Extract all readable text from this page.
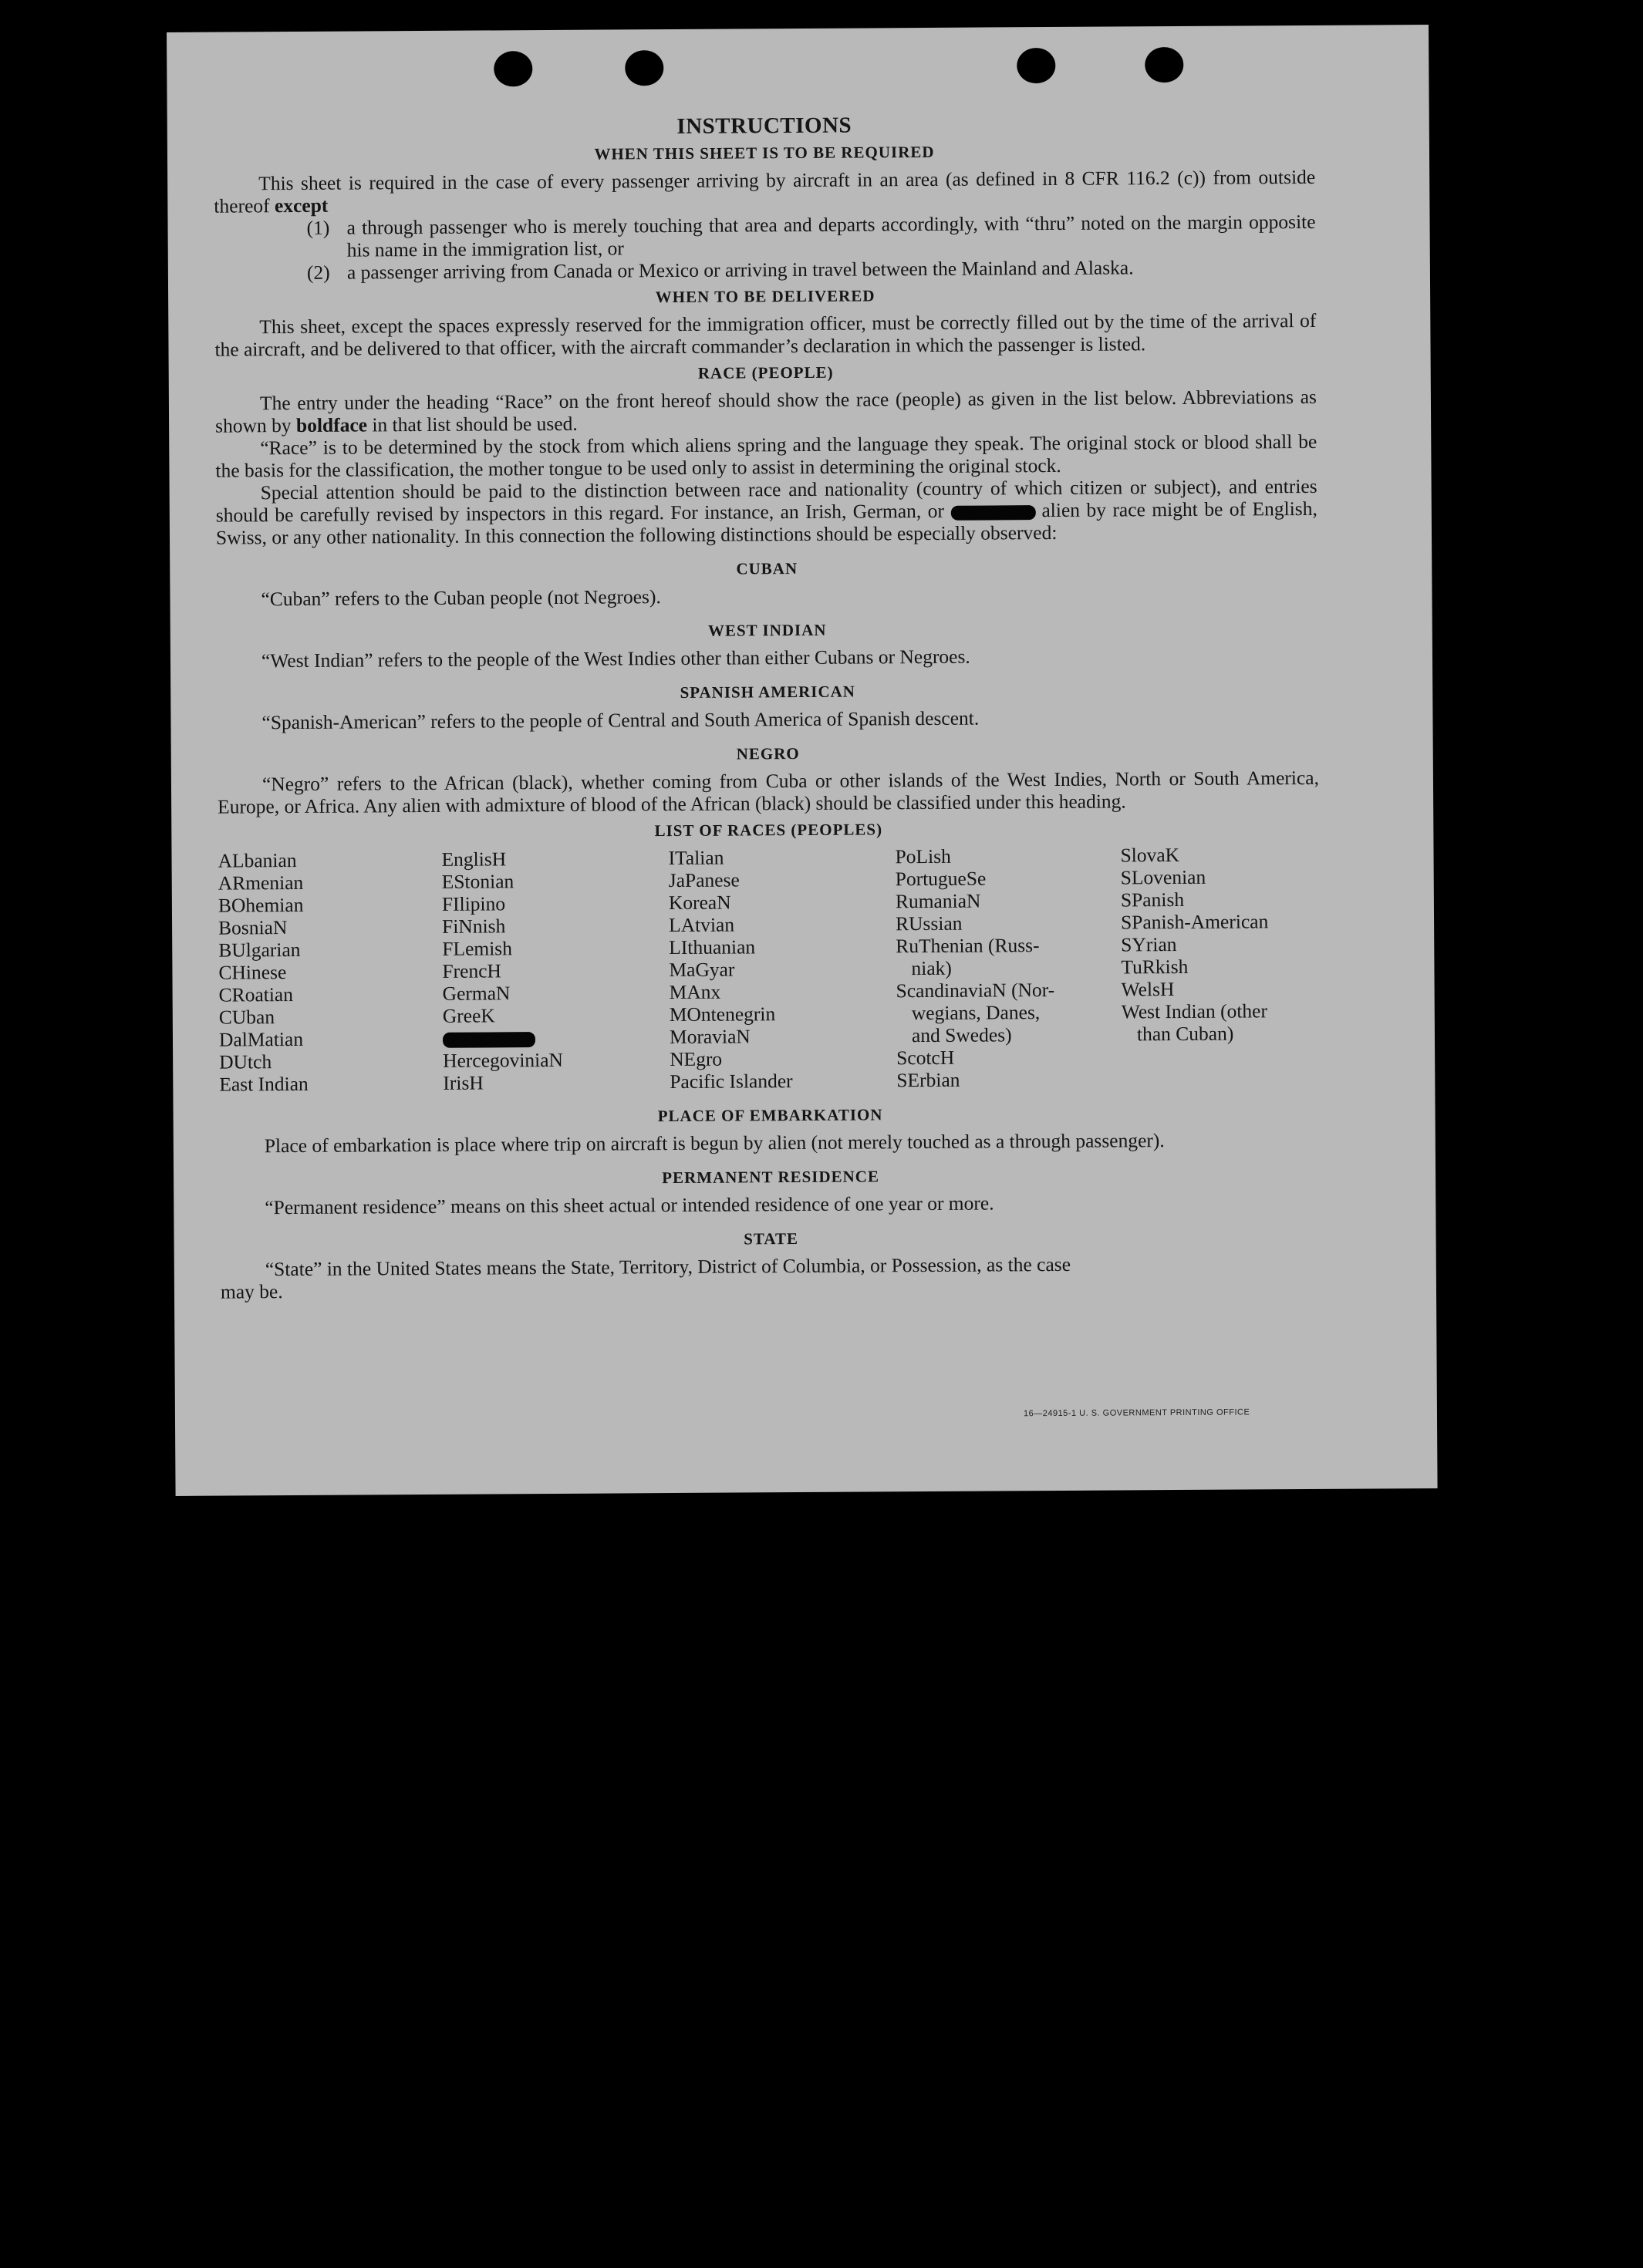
INSTRUCTIONS
WHEN THIS SHEET IS TO BE REQUIRED

This sheet is required in the case of every passenger arriving by aircraft in an area (as defined in 8 CFR 116.2 (c)) from outside thereof except

(1) a through passenger who is merely touching that area and departs accordingly, with “thru” noted on the margin opposite his name in the immigration list, or
(2) a passenger arriving from Canada or Mexico or arriving in travel between the Mainland and Alaska.
WHEN TO BE DELIVERED

This sheet, except the spaces expressly reserved for the immigration officer, must be correctly filled out by the time of the arrival of the aircraft, and be delivered to that officer, with the aircraft commander’s declaration in which the passenger is listed.

RACE (PEOPLE)

The entry under the heading “Race” on the front hereof should show the race (people) as given in the list below. Abbreviations as shown by boldface in that list should be used.

“Race” is to be determined by the stock from which aliens spring and the language they speak. The original stock or blood shall be the basis for the classification, the mother tongue to be used only to assist in determining the original stock.

Special attention should be paid to the distinction between race and nationality (country of which citizen or subject), and entries should be carefully revised by inspectors in this regard. For instance, an Irish, German, or	alien by race might be of English, Swiss, or any other nationality. In this connection the following distinctions should be especially observed:

CUBAN

“Cuban” refers to the Cuban people (not Negroes).

WEST INDIAN

“West Indian” refers to the people of the West Indies other than either Cubans or Negroes.

SPANISH AMERICAN

“Spanish-American” refers to the people of Central and South America of Spanish descent.

NEGRO

“Negro” refers to the African (black), whether coming from Cuba or other islands of the West Indies, North or South America, Europe, or Africa. Any alien with admixture of blood of the African (black) should be classified under this heading.

LIST OF RACES (PEOPLES)
ALbanian
ARmenian
BOhemian
BosniaN
BUlgarian
CHinese
CRoatian
CUban
DalMatian
DUtch
East Indian
EnglisH
EStonian
FIlipino
FiNnish
FLemish
FrencH
GermaN
GreeK
HercegoviniaN
IrisH
ITalian
JaPanese
KoreaN
LAtvian
LIthuanian
MaGyar
MAnx
MOntenegrin
MoraviaN
NEgro
Pacific Islander
PoLish
PortugueSe
RumaniaN
RUssian
RuThenian (Russ-
niak)
ScandinaviaN (Nor-
wegians, Danes,
and Swedes)
ScotcH
SErbian
SlovaK
SLovenian
SPanish
SPanish-American
SYrian
TuRkish
WelsH
West Indian (other
than Cuban)

PLACE OF EMBARKATION

Place of embarkation is place where trip on aircraft is begun by alien (not merely touched as a through passenger).

PERMANENT RESIDENCE

“Permanent residence” means on this sheet actual or intended residence of one year or more.

STATE

“State” in the United States means the State, Territory, District of Columbia, or Possession, as the case

may be.

16—24915-1 U. S. GOVERNMENT PRINTING OFFICE
